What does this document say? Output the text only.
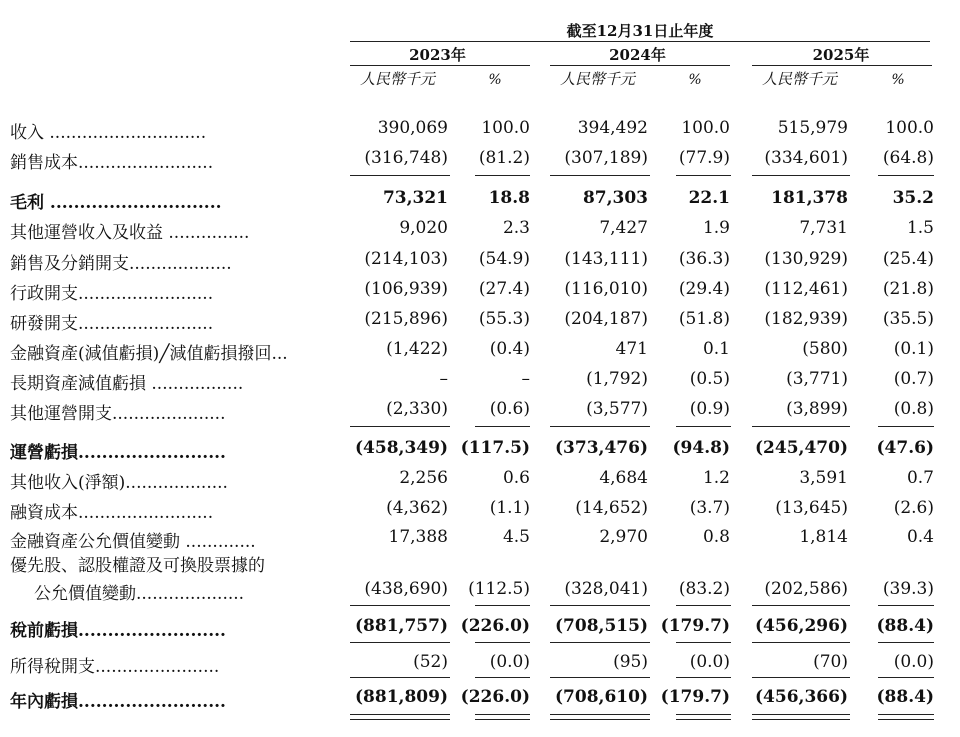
截至12月31日止年度
2023年	2024年	2025年
人民幣千元	%	人民幣千元	%	人民幣千元	%
收入 .............................	390,069	100.0	394,492	100.0	515,979	100.0
銷售成本.........................	(316,748)	(81.2)	(307,189)	(77.9)	(334,601)	(64.8)
毛利 .............................	73,321	18.8	87,303	22.1	181,378	35.2
其他運營收入及收益 ...............	9,020	2.3	7,427	1.9	7,731	1.5
銷售及分銷開支...................	(214,103)	(54.9)	(143,111)	(36.3)	(130,929)	(25.4)
行政開支.........................	(106,939)	(27.4)	(116,010)	(29.4)	(112,461)	(21.8)
研發開支.........................	(215,896)	(55.3)	(204,187)	(51.8)	(182,939)	(35.5)
金融資產(減值虧損)╱減值虧損撥回...	(1,422)	(0.4)	471	0.1	(580)	(0.1)
長期資產減值虧損 .................	–	–	(1,792)	(0.5)	(3,771)	(0.7)
其他運營開支.....................	(2,330)	(0.6)	(3,577)	(0.9)	(3,899)	(0.8)
運營虧損.........................	(458,349) (117.5)	(373,476)	(94.8)	(245,470)	(47.6)
其他收入(淨額)...................	2,256	0.6	4,684	1.2	3,591	0.7
融資成本.........................	(4,362)	(1.1)	(14,652)	(3.7)	(13,645)	(2.6)
金融資產公允價值變動 .............	17,388	4.5	2,970	0.8	1,814	0.4
優先股、認股權證及可換股票據的
公允價值變動....................	(438,690)	(112.5)	(328,041)	(83.2)	(202,586)	(39.3)
稅前虧損.........................	(881,757) (226.0)	(708,515) (179.7)	(456,296)	(88.4)
所得稅開支.......................	(52)	(0.0)	(95)	(0.0)	(70)	(0.0)
年內虧損.........................	(881,809) (226.0)	(708,610) (179.7)	(456,366)	(88.4)
